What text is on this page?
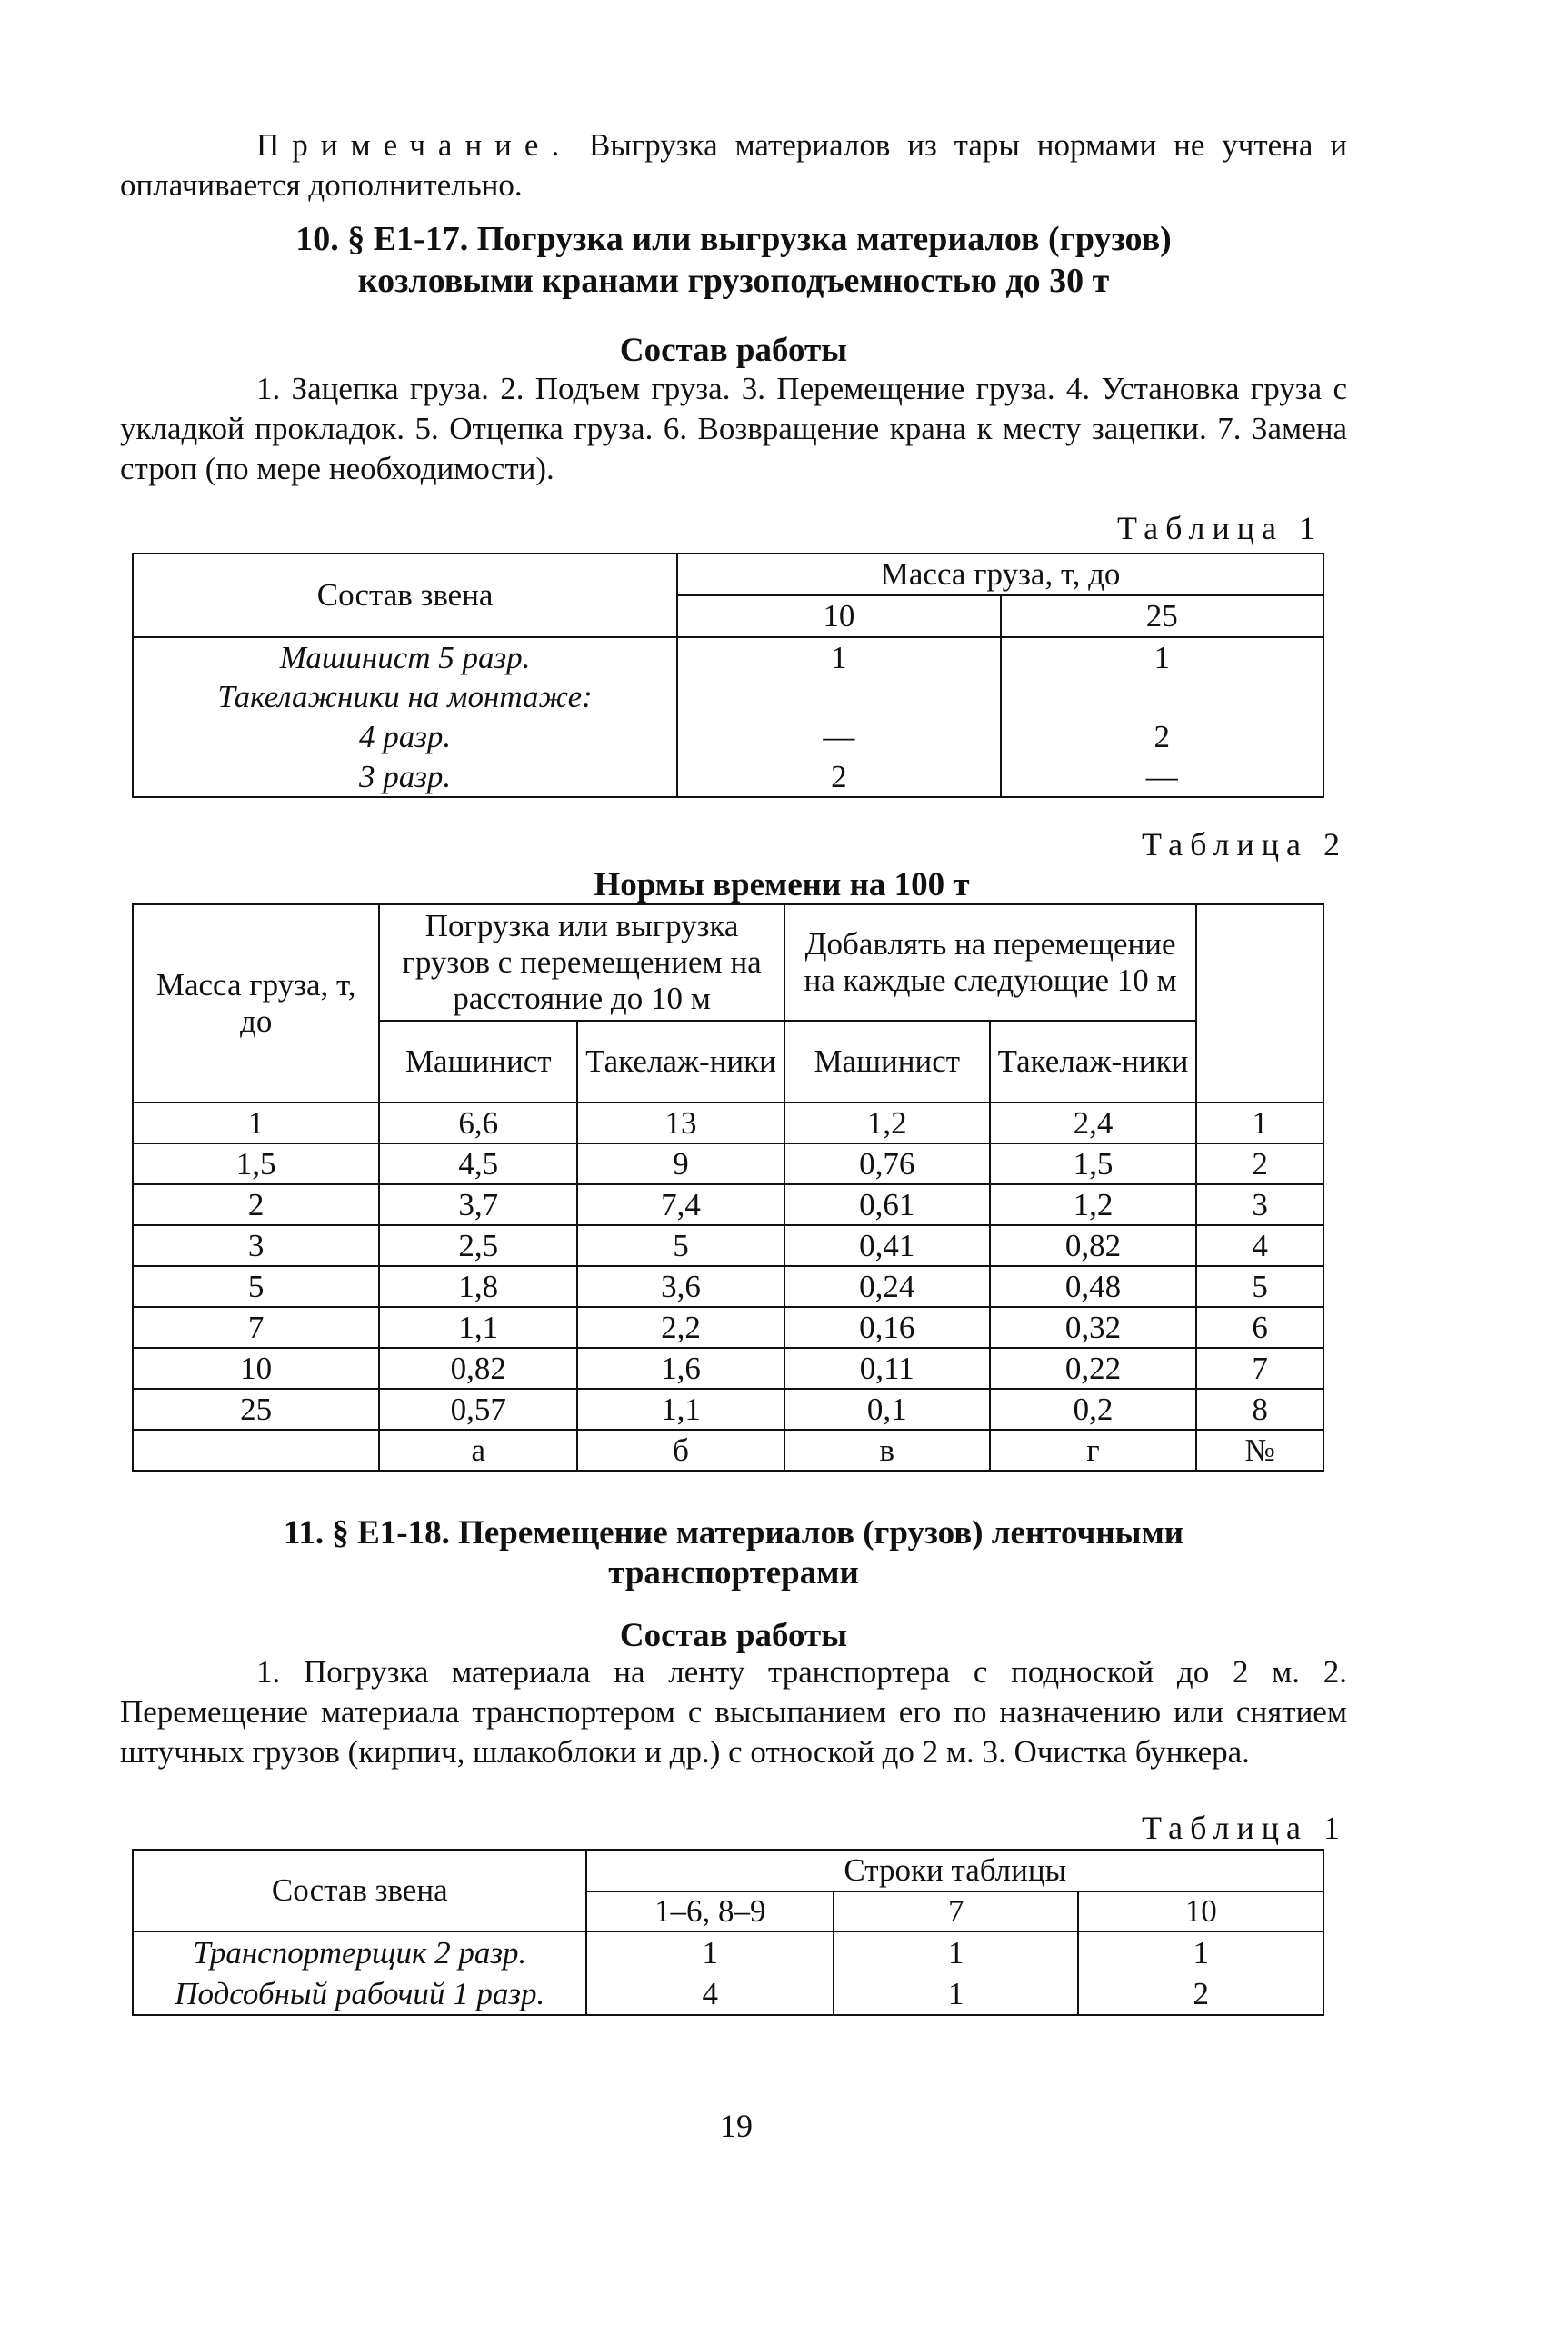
Примечание. Выгрузка материалов из тары нормами не учтена и оплачивается дополнительно.
10. § Е1-17. Погрузка или выгрузка материалов (грузов)
козловыми кранами грузоподъемностью до 30 т
Состав работы
1. Зацепка груза. 2. Подъем груза. 3. Перемещение груза. 4. Установка груза с укладкой прокладок. 5. Отцепка груза. 6. Возвращение крана к месту зацепки. 7. Замена строп (по мере необходимости).
Таблица 1
Состав звена	Масса груза, т, до	
	10	25
Машинист 5 разр.	1	1
Такелажники на монтаже:		
4 разр.	—	2
3 разр.	2	—
Таблица 2
Нормы времени на 100 т
Масса груза, т, до	Погрузка или выгрузка грузов с перемещением на расстояние до 10 м		Добавлять на перемещение на каждые следующие 10 м		
	Машинист	Такелаж-ники	Машинист	Такелаж-ники	
1	6,6	13	1,2	2,4	1
1,5	4,5	9	0,76	1,5	2
2	3,7	7,4	0,61	1,2	3
3	2,5	5	0,41	0,82	4
5	1,8	3,6	0,24	0,48	5
7	1,1	2,2	0,16	0,32	6
10	0,82	1,6	0,11	0,22	7
25	0,57	1,1	0,1	0,2	8
	а	б	в	г	№
11. § Е1-18. Перемещение материалов (грузов) ленточными
транспортерами
Состав работы
1. Погрузка материала на ленту транспортера с подноской до 2 м. 2. Перемещение материала транспортером с высыпанием его по назначению или снятием штучных грузов (кирпич, шлакоблоки и др.) с отноской до 2 м. 3. Очистка бункера.
Таблица 1
Состав звена	Строки таблицы		
	1–6, 8–9	7	10
Транспортерщик 2 разр.	1	1	1
Подсобный рабочий 1 разр.	4	1	2
19
